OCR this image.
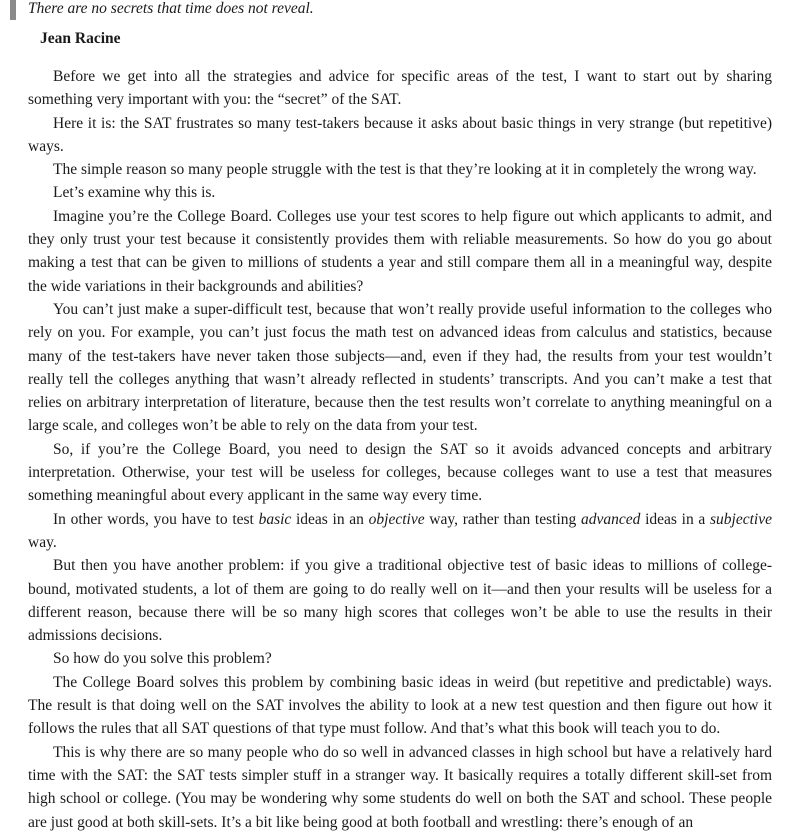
There are no secrets that time does not reveal.
Jean Racine

Before we get into all the strategies and advice for specific areas of the test, I want to start out by sharing something very important with you: the “secret” of the SAT.

Here it is: the SAT frustrates so many test-takers because it asks about basic things in very strange (but repetitive) ways.

The simple reason so many people struggle with the test is that they’re looking at it in completely the wrong way.

Let’s examine why this is.

Imagine you’re the College Board. Colleges use your test scores to help figure out which applicants to admit, and they only trust your test because it consistently provides them with reliable measurements. So how do you go about making a test that can be given to millions of students a year and still compare them all in a meaningful way, despite the wide variations in their backgrounds and abilities?

You can’t just make a super-difficult test, because that won’t really provide useful information to the colleges who rely on you. For example, you can’t just focus the math test on advanced ideas from calculus and statistics, because many of the test-takers have never taken those subjects—and, even if they had, the results from your test wouldn’t really tell the colleges anything that wasn’t already reflected in students’ transcripts. And you can’t make a test that relies on arbitrary interpretation of literature, because then the test results won’t correlate to anything meaningful on a large scale, and colleges won’t be able to rely on the data from your test.

So, if you’re the College Board, you need to design the SAT so it avoids advanced concepts and arbitrary interpretation. Otherwise, your test will be useless for colleges, because colleges want to use a test that measures something meaningful about every applicant in the same way every time.

In other words, you have to test basic ideas in an objective way, rather than testing advanced ideas in a subjective way.

But then you have another problem: if you give a traditional objective test of basic ideas to millions of college-bound, motivated students, a lot of them are going to do really well on it—and then your results will be useless for a different reason, because there will be so many high scores that colleges won’t be able to use the results in their admissions decisions.

So how do you solve this problem?

The College Board solves this problem by combining basic ideas in weird (but repetitive and predictable) ways. The result is that doing well on the SAT involves the ability to look at a new test question and then figure out how it follows the rules that all SAT questions of that type must follow. And that’s what this book will teach you to do.

This is why there are so many people who do so well in advanced classes in high school but have a relatively hard time with the SAT: the SAT tests simpler stuff in a stranger way. It basically requires a totally different skill-set from high school or college. (You may be wondering why some students do well on both the SAT and school. These people are just good at both skill-sets. It’s a bit like being good at both football and wrestling: there’s enough of an
